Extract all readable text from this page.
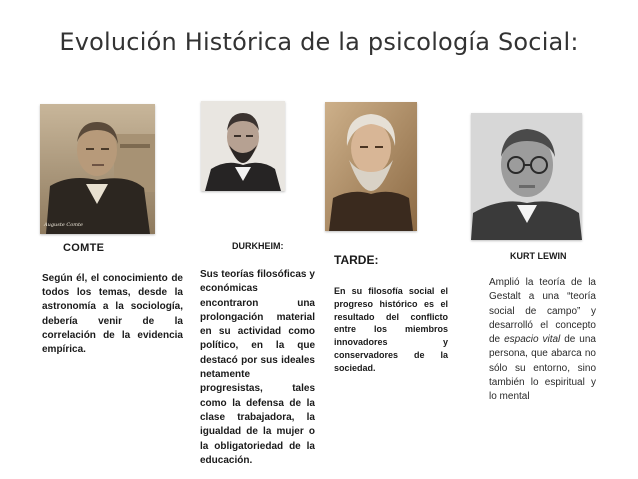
Evolución Histórica de la psicología Social:
Auguste Comte
COMTE	DURKHEIM:
TARDE:	KURT LEWIN

Según él, el conocimiento de todos los temas, desde la astronomía a la sociología, debería venir de la correlación de la evidencia empírica.

Sus teorías filosóficas y económicas encontraron una prolongación material en su actividad como político, en la que destacó por sus ideales netamente progresistas, tales como la defensa de la clase trabajadora, la igualdad de la mujer o la obligatoriedad de la educación.

En su filosofía social el progreso histórico es el resultado del conflicto entre los miembros innovadores y conservadores de la sociedad.

Amplió la teoría de la Gestalt a una “teoría social de campo” y desarrolló el concepto de espacio vital de una persona, que abarca no sólo su entorno, sino también lo espiritual y lo mental
